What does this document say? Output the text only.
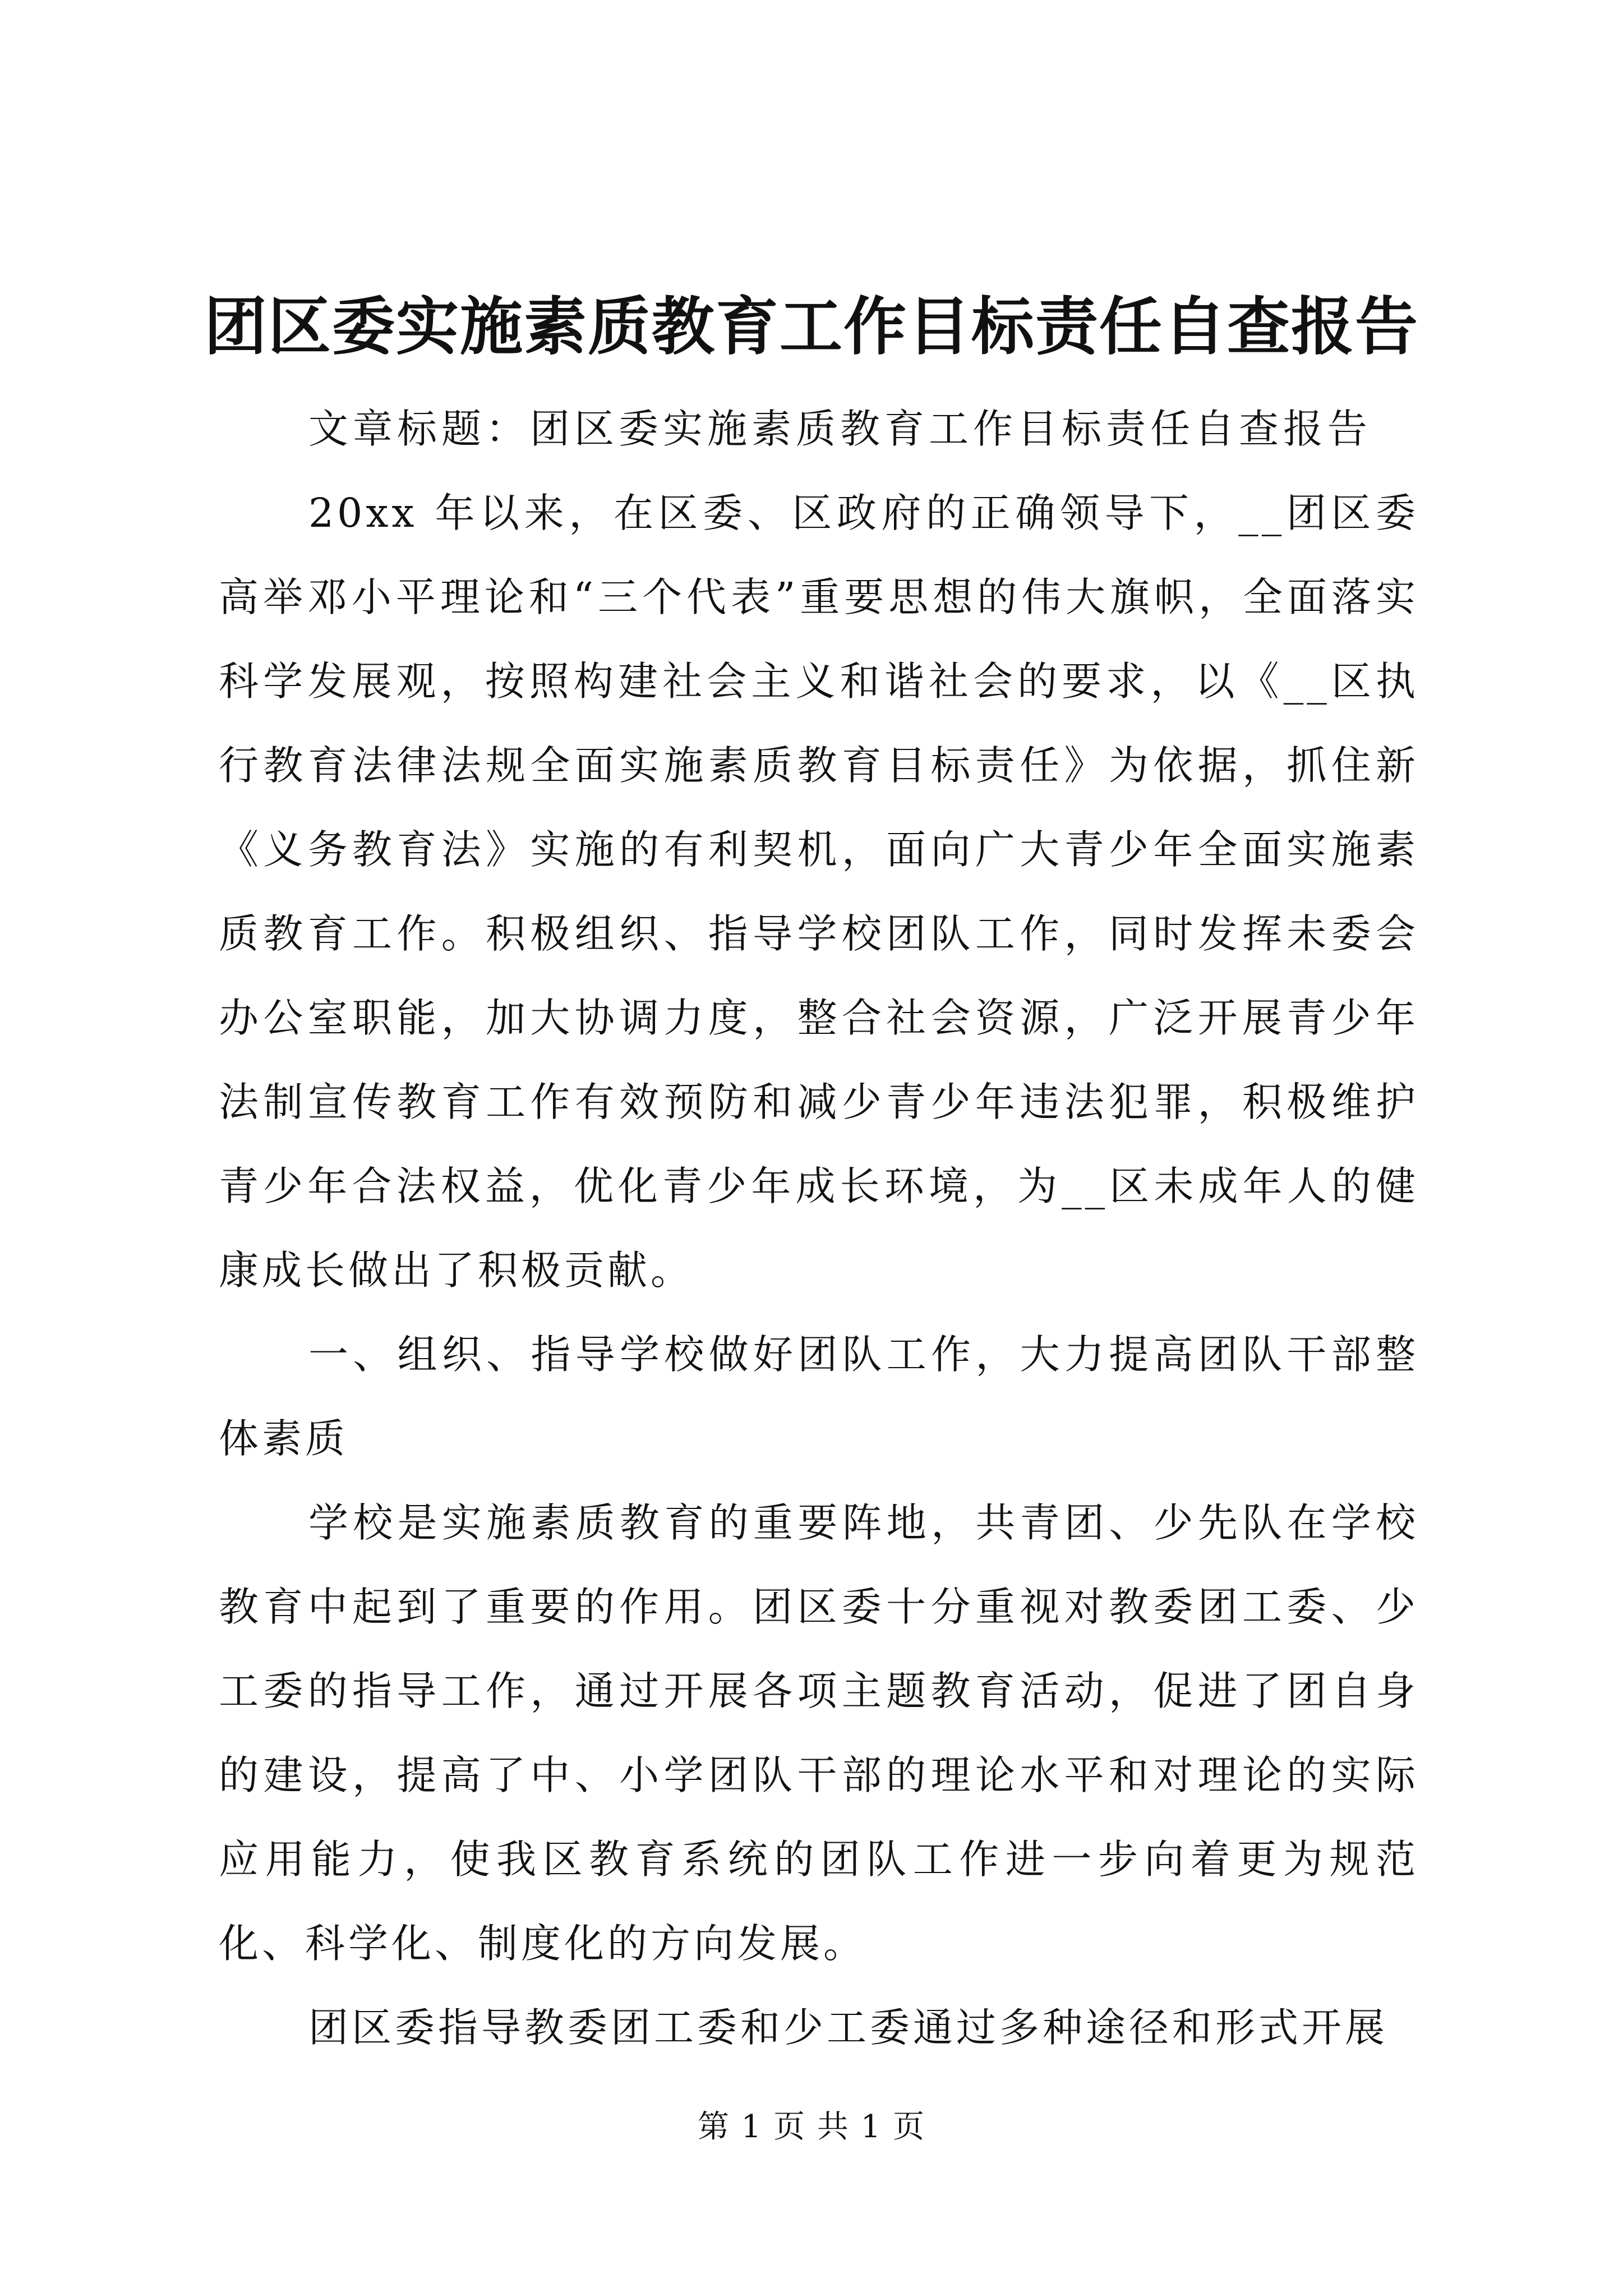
团区委实施素质教育工作目标责任自查报告

文章标题：团区委实施素质教育工作目标责任自查报告

20xx 年以来，在区委、区政府的正确领导下，__团区委高举邓小平理论和“三个代表”重要思想的伟大旗帜，全面落实科学发展观，按照构建社会主义和谐社会的要求，以《__区执行教育法律法规全面实施素质教育目标责任》为依据，抓住新《义务教育法》实施的有利契机，面向广大青少年全面实施素质教育工作。积极组织、指导学校团队工作，同时发挥未委会办公室职能，加大协调力度，整合社会资源，广泛开展青少年法制宣传教育工作有效预防和减少青少年违法犯罪，积极维护青少年合法权益，优化青少年成长环境，为__区未成年人的健康成长做出了积极贡献。

一、组织、指导学校做好团队工作，大力提高团队干部整体素质

学校是实施素质教育的重要阵地，共青团、少先队在学校教育中起到了重要的作用。团区委十分重视对教委团工委、少工委的指导工作，通过开展各项主题教育活动，促进了团自身的建设，提高了中、小学团队干部的理论水平和对理论的实际应用能力，使我区教育系统的团队工作进一步向着更为规范化、科学化、制度化的方向发展。

团区委指导教委团工委和少工委通过多种途径和形式开展

第 1 页 共 1 页
